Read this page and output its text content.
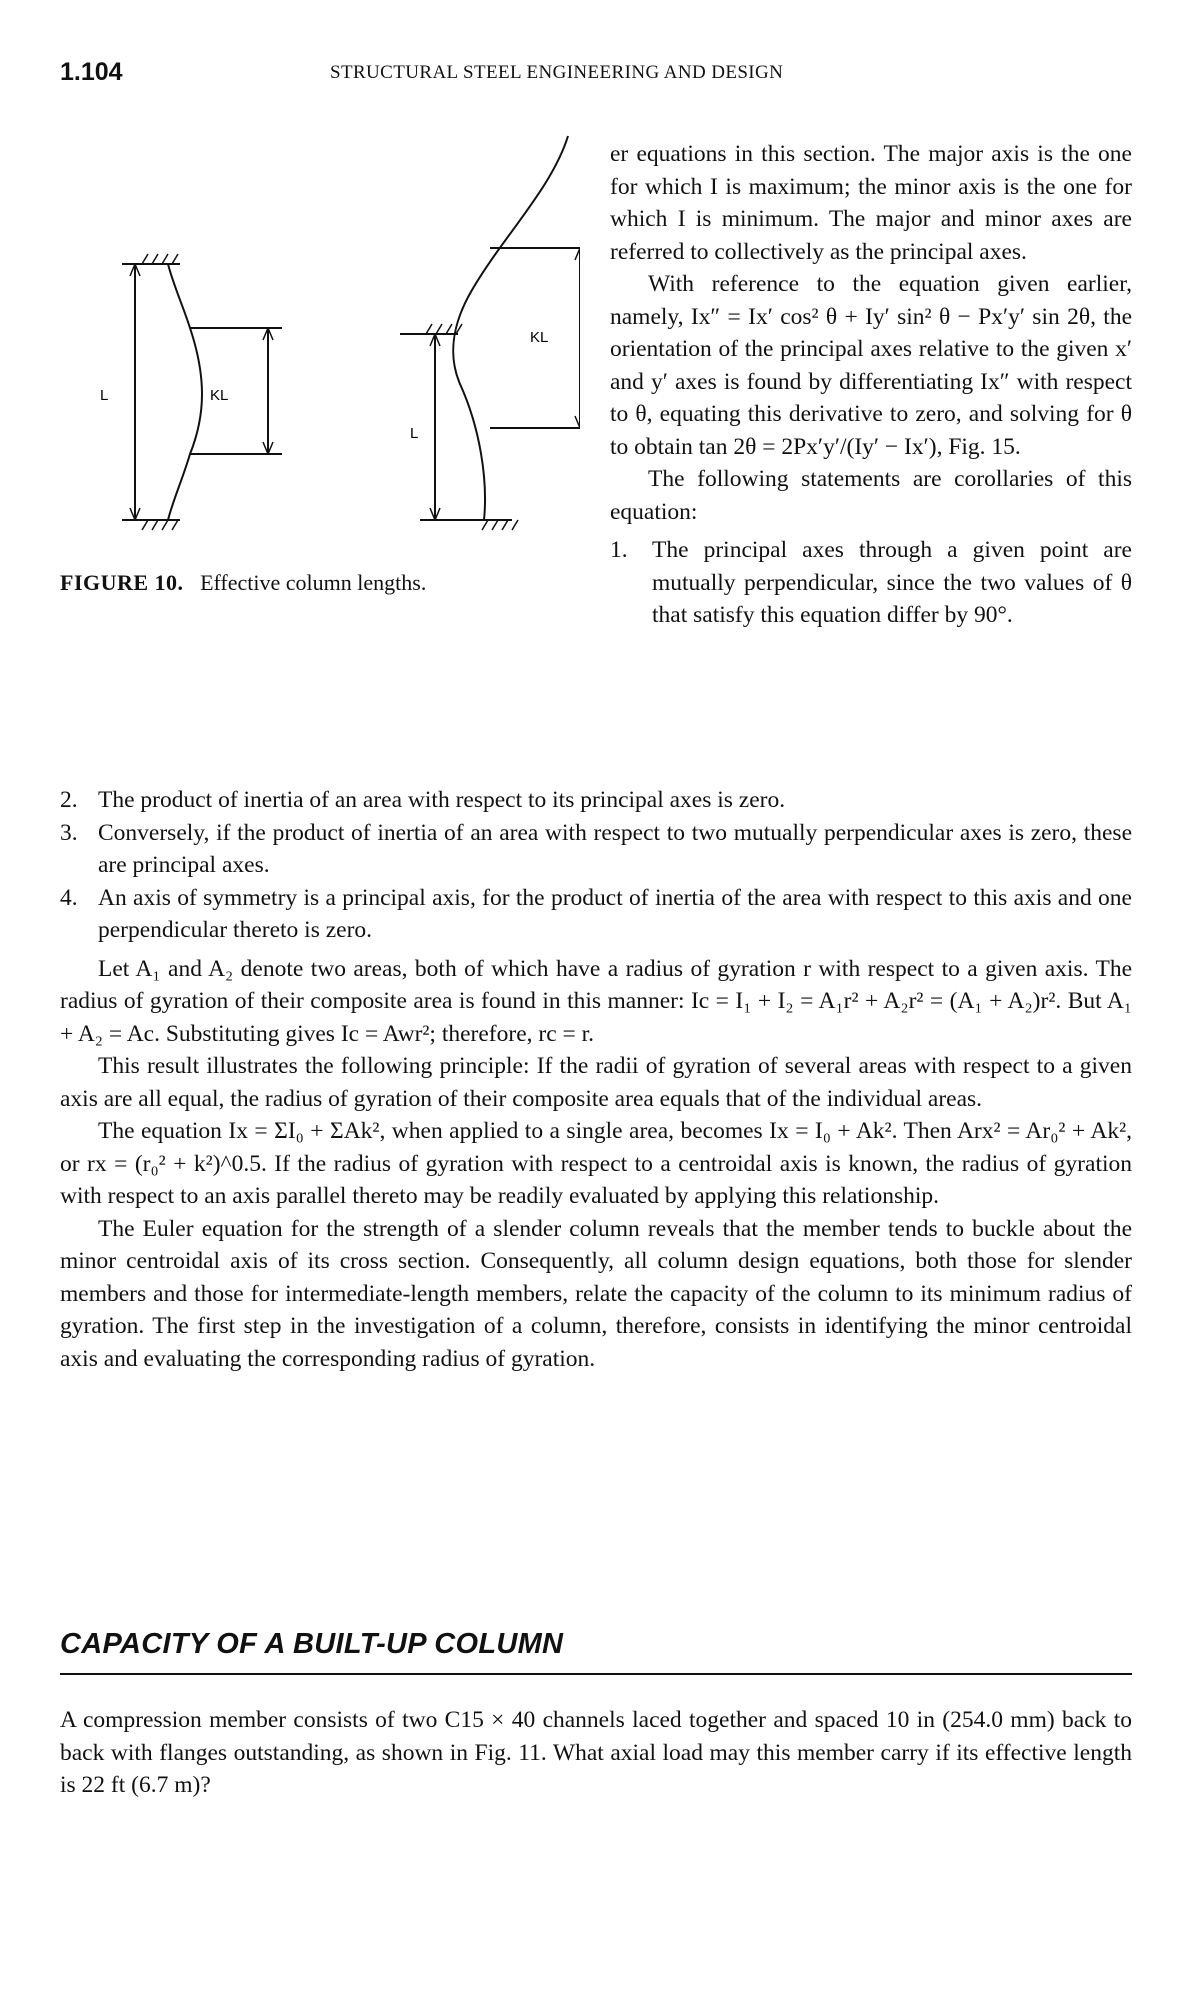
1.104	STRUCTURAL STEEL ENGINEERING AND DESIGN
L	KL
L
KL
FIGURE 10. Effective column lengths.

er equations in this section. The major axis is the one for which I is maximum; the minor axis is the one for which I is minimum. The major and minor axes are referred to collectively as the principal axes.

With reference to the equation given earlier, namely, Ix″ = Ix′ cos² θ + Iy′ sin² θ − Px′y′ sin 2θ, the orientation of the principal axes relative to the given x′ and y′ axes is found by differentiating Ix″ with respect to θ, equating this derivative to zero, and solving for θ to obtain tan 2θ = 2Px′y′/(Iy′ − Ix′), Fig. 15.

The following statements are corollaries of this equation:

1. The principal axes through a given point are mutually perpendicular, since the two values of θ that satisfy this equation differ by 90°.
2. The product of inertia of an area with respect to its principal axes is zero.
3. Conversely, if the product of inertia of an area with respect to two mutually perpendicular axes is zero, these are principal axes.
4. An axis of symmetry is a principal axis, for the product of inertia of the area with respect to this axis and one perpendicular thereto is zero.

Let A₁ and A₂ denote two areas, both of which have a radius of gyration r with respect to a given axis. The radius of gyration of their composite area is found in this manner: Ic = I₁ + I₂ = A₁r² + A₂r² = (A₁ + A₂)r². But A₁ + A₂ = Ac. Substituting gives Ic = Awr²; therefore, rc = r.

This result illustrates the following principle: If the radii of gyration of several areas with respect to a given axis are all equal, the radius of gyration of their composite area equals that of the individual areas.

The equation Ix = ΣI₀ + ΣAk², when applied to a single area, becomes Ix = I₀ + Ak². Then Arx² = Ar₀² + Ak², or rx = (r₀² + k²)^0.5. If the radius of gyration with respect to a centroidal axis is known, the radius of gyration with respect to an axis parallel thereto may be readily evaluated by applying this relationship.

The Euler equation for the strength of a slender column reveals that the member tends to buckle about the minor centroidal axis of its cross section. Consequently, all column design equations, both those for slender members and those for intermediate-length members, relate the capacity of the column to its minimum radius of gyration. The first step in the investigation of a column, therefore, consists in identifying the minor centroidal axis and evaluating the corresponding radius of gyration.

CAPACITY OF A BUILT-UP COLUMN

A compression member consists of two C15 × 40 channels laced together and spaced 10 in (254.0 mm) back to back with flanges outstanding, as shown in Fig. 11. What axial load may this member carry if its effective length is 22 ft (6.7 m)?
